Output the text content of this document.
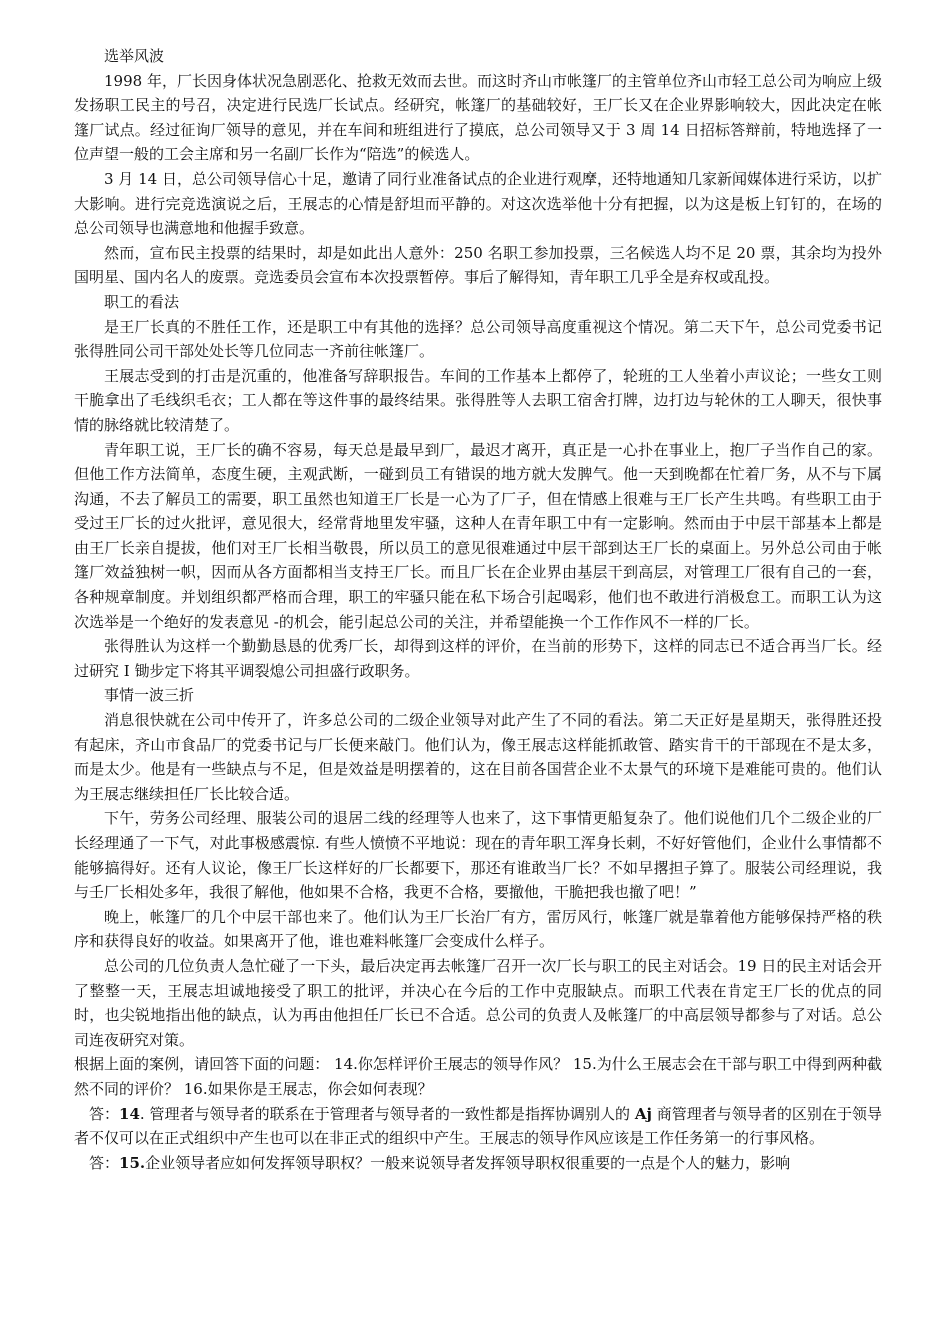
选举风波

1998 年，厂长因身体状况急剧恶化、抢救无效而去世。而这时齐山市帐篷厂的主管单位齐山市轻工总公司为响应上级发扬职工民主的号召，决定进行民选厂长试点。经研究，帐篷厂的基础较好，王厂长又在企业界影响较大，因此决定在帐篷厂试点。经过征询厂领导的意见，并在车间和班组进行了摸底，总公司领导又于 3 周 14 日招标答辩前，特地选择了一位声望一般的工会主席和另一名副厂长作为“陪选”的候选人。

3 月 14 日，总公司领导信心十足，邀请了同行业准备试点的企业进行观摩，还特地通知几家新闻媒体进行采访，以扩大影响。进行完竞选演说之后，王展志的心情是舒坦而平静的。对这次选举他十分有把握，以为这是板上钉钉的，在场的总公司领导也满意地和他握手致意。

然而，宣布民主投票的结果时，却是如此出人意外：250 名职工参加投票，三名候选人均不足 20 票，其余均为投外国明星、国内名人的废票。竞选委员会宣布本次投票暂停。事后了解得知，青年职工几乎全是弃权或乱投。

职工的看法

是王厂长真的不胜任工作，还是职工中有其他的选择？总公司领导高度重视这个情况。第二天下午，总公司党委书记张得胜同公司干部处处长等几位同志一齐前往帐篷厂。

王展志受到的打击是沉重的，他准备写辞职报告。车间的工作基本上都停了，轮班的工人坐着小声议论；一些女工则干脆拿出了毛线织毛衣；工人都在等这件事的最终结果。张得胜等人去职工宿舍打牌，边打边与轮休的工人聊天，很快事情的脉络就比较清楚了。

青年职工说，王厂长的确不容易，每天总是最早到厂，最迟才离开，真正是一心扑在事业上，抱厂子当作自己的家。但他工作方法简单，态度生硬，主观武断，一碰到员工有错误的地方就大发脾气。他一天到晚都在忙着厂务，从不与下属沟通，不去了解员工的需要，职工虽然也知道王厂长是一心为了厂子，但在情感上很难与王厂长产生共鸣。有些职工由于受过王厂长的过火批评，意见很大，经常背地里发牢骚，这种人在青年职工中有一定影响。然而由于中层干部基本上都是由王厂长亲自提拔，他们对王厂长相当敬畏，所以员工的意见很难通过中层干部到达王厂长的桌面上。另外总公司由于帐篷厂效益独树一帜，因而从各方面都相当支持王厂长。而且厂长在企业界由基层干到高层，对管理工厂很有自己的一套，各种规章制度。并划组织都严格而合理，职工的牢骚只能在私下场合引起喝彩，他们也不敢进行消极怠工。而职工认为这次选举是一个绝好的发表意见 -的机会，能引起总公司的关注，并希望能换一个工作作风不一样的厂长。

张得胜认为这样一个勤勤恳恳的优秀厂长，却得到这样的评价，在当前的形势下，这样的同志已不适合再当厂长。经过研究 I 锄步定下将其平调裂熄公司担盛行政职务。

事情一波三折

消息很快就在公司中传开了，许多总公司的二级企业领导对此产生了不同的看法。第二天正好是星期天，张得胜还投有起床，齐山市食品厂的党委书记与厂长便来敲门。他们认为，像王展志这样能抓敢管、踏实肯干的干部现在不是太多，而是太少。他是有一些缺点与不足，但是效益是明摆着的，这在目前各国营企业不太景气的环境下是难能可贵的。他们认为王展志继续担任厂长比较合适。

下午，劳务公司经理、服装公司的退居二线的经理等人也来了，这下事情更船复杂了。他们说他们几个二级企业的厂长经理通了一下气，对此事极感震惊. 有些人愤愤不平地说：现在的青年职工浑身长刺，不好好管他们，企业什么事情都不能够搞得好。还有人议论，像王厂长这样好的厂长都要下，那还有谁敢当厂长？不如早撂担子算了。服装公司经理说，我与壬厂长相处多年，我很了解他，他如果不合格，我更不合格，要撤他，干脆把我也撤了吧！”

晚上，帐篷厂的几个中层干部也来了。他们认为王厂长治厂有方，雷厉风行，帐篷厂就是靠着他方能够保持严格的秩序和获得良好的收益。如果离开了他，谁也难料帐篷厂会变成什么样子。

总公司的几位负责人急忙碰了一下头，最后决定再去帐篷厂召开一次厂长与职工的民主对话会。19 日的民主对话会开了整整一天，王展志坦诚地接受了职工的批评，并决心在今后的工作中克服缺点。而职工代表在肯定王厂长的优点的同时，也尖锐地指出他的缺点，认为再由他担任厂长已不合适。总公司的负责人及帐篷厂的中高层领导都参与了对话。总公司连夜研究对策。

根据上面的案例，请回答下面的问题： 14.你怎样评价王展志的领导作风？ 15.为什么王展志会在干部与职工中得到两种截然不同的评价？ 16.如果你是王展志，你会如何表现？

答：14. 管理者与领导者的联系在于管理者与领导者的一致性都是指挥协调别人的 Aj 商管理者与领导者的区别在于领导者不仅可以在正式组织中产生也可以在非正式的组织中产生。王展志的领导作风应该是工作任务第一的行事风格。

答：15.企业领导者应如何发挥领导职权？一般来说领导者发挥领导职权很重要的一点是个人的魅力，影响
